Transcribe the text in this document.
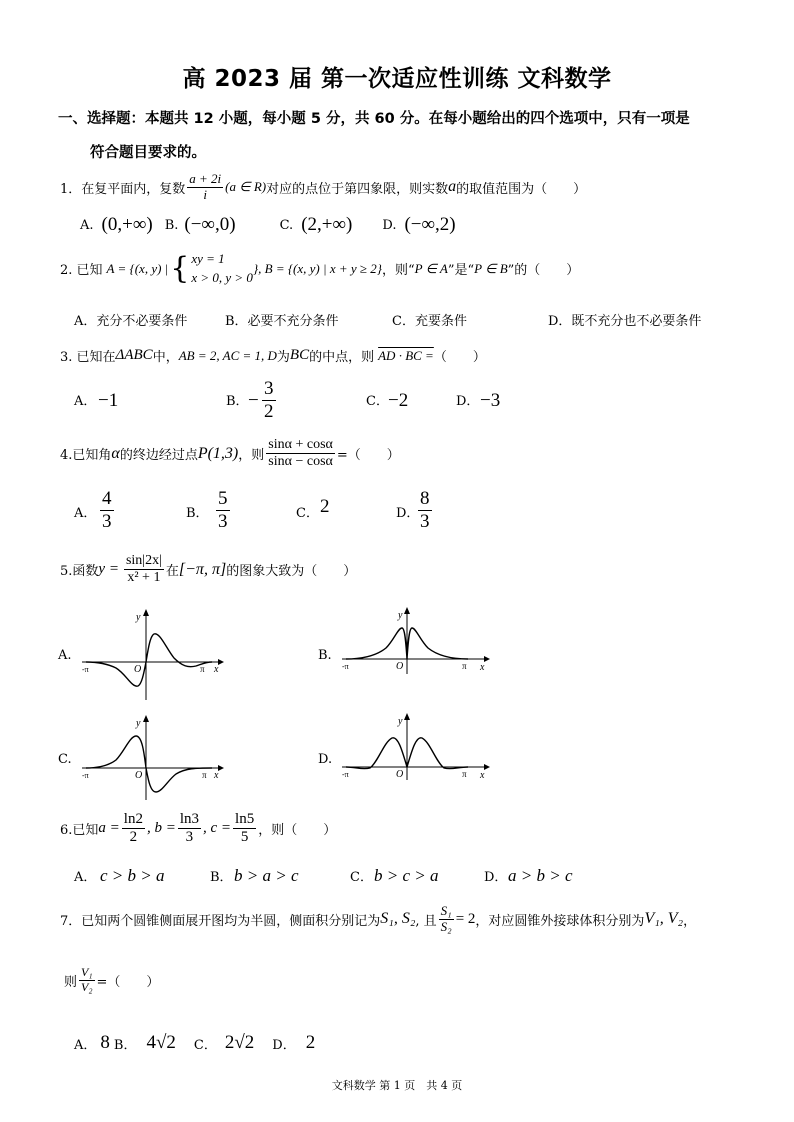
高 2023 届 第一次适应性训练 文科数学
一、选择题：本题共 12 小题，每小题 5 分，共 60 分。在每小题给出的四个选项中，只有一项是
符合题目要求的。
1．在复平面内，复数 $\frac{a + 2i}{i} (a$ ∈ R) 对应的点位于第四象限，则实数 a 的取值范围为（　　）
A. (0,+∞) B. (−∞,0)	C. (2,+∞) D. (−∞,2)
2. 已知 A = {(x, y) | { xy = 1
x > 0, y > 0
}, B = {(x, y) | x + y ≥ 2} ，则“ P ∈ A ”是“ P ∈ B ”的（　　）
A．充分不必要条件	B．必要不充分条件	C．充要条件	D．既不充分也不必要条件
3. 已知在 ΔABC 中， AB = 2, AC = 1, D 为 BC 的中点，则 AD · BC = （　　）
A． −1	B． − $\frac{3}{2}$	C． −2	D． −3
4.已知角 α 的终边经过点 P(1,3) ，则 $\frac{\sin\alpha + \cos\alpha}{\sin\alpha - \cos\alpha}$ =（　　）
A． $\frac{4}{3}$	B． $\frac{5}{3}$	C． 2	D．
$\frac{8}{3}$
5.函数 $y = \frac{\sin|2x|}{\text{x² + 1}}$ 在 [−π, π] 的图象大致为（　　）
A.	B.
C.	D.
O
-π	π x
y
O
-π	π x
y
O
-π	π x
y
O
-π	π x
y
6.已知 $a = \frac{\ln 2}{2}$ , $b = \frac{\ln 3}{3}$ , $c = \frac{\ln 5}{5}$ ，则（　　）
A． c > b > a	B． b > a > c	C． b > c > a	D． a > b > c
7．已知两个圆锥侧面展开图均为半圆，侧面积分别记为 S₁, S₂ , 且 $\frac{\text{S₁}}{\text{S₂}} = 2$ ，对应圆锥外接球体积分别为 V₁, V₂ ，
则 $\frac{\text{V₁}}{\text{V₂}}$ =（　　）
A． 8 B． 4√2 C． 2√2 D． 2
文科数学 第 1 页　共 4 页
